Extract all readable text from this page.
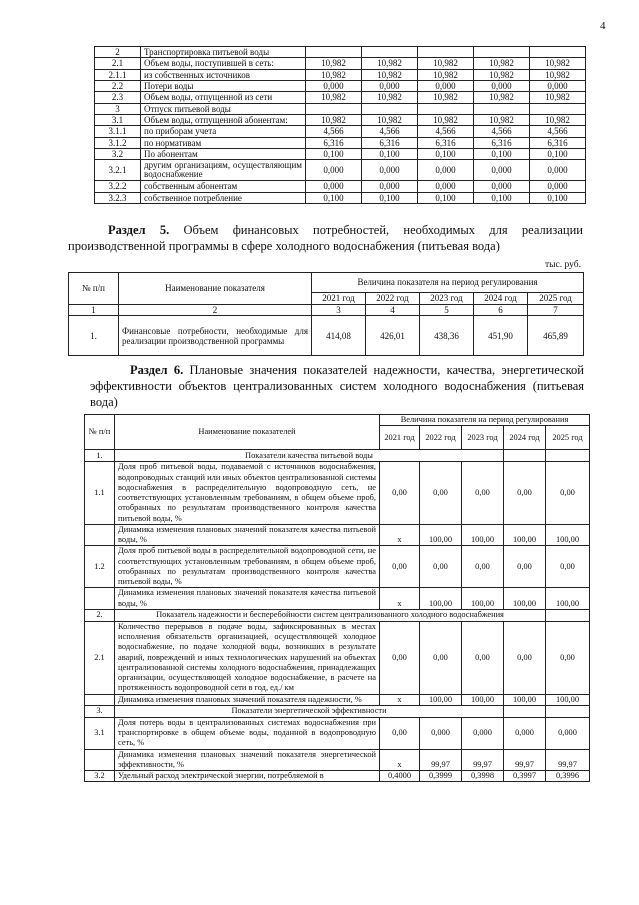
4
2	Транспортировка питьевой воды					
2.1	Объем воды, поступившей в сеть:	10,982	10,982	10,982	10,982	10,982
2.1.1	из собственных источников	10,982	10,982	10,982	10,982	10,982
2.2	Потери воды	0,000	0,000	0,000	0,000	0,000
2.3	Объем воды, отпущенной из сети	10,982	10,982	10,982	10,982	10,982
3	Отпуск питьевой воды					
3.1	Объем воды, отпущенной абонентам:	10,982	10,982	10,982	10,982	10,982
3.1.1	по приборам учета	4,566	4,566	4,566	4,566	4,566
3.1.2	по нормативам	6,316	6,316	6,316	6,316	6,316
3.2	По абонентам	0,100	0,100	0,100	0,100	0,100
3.2.1	другим организациям, осуществляющим водоснабжение	0,000	0,000	0,000	0,000	0,000
3.2.2	собственным абонентам	0,000	0,000	0,000	0,000	0,000
3.2.3	собственное потребление	0,100	0,100	0,100	0,100	0,100
Раздел 5. Объем финансовых потребностей, необходимых для реализации производственной программы в сфере холодного водоснабжения (питьевая вода)
тыс. руб.
№ п/п	Наименование показателя	Величина показателя на период регулирования				
		2021 год	2022 год	2023 год	2024 год	2025 год
1	2	3	4	5	6	7
1.	Финансовые потребности, необходимые для реализации производственной программы	414,08	426,01	438,36	451,90	465,89
Раздел 6. Плановые значения показателей надежности, качества, энергетической эффективности объектов централизованных систем холодного водоснабжения (питьевая вода)
№ п/п	Наименование показателей	Величина показателя на период регулирования				
		2021 год	2022 год	2023 год	2024 год	2025 год
1.	Показатели качества питьевой воды					
1.1	Доля проб питьевой воды, подаваемой с источников водоснабжения, водопроводных станций или иных объектов централизованной системы водоснабжения в распределительную водопроводную сеть, не соответствующих установленным требованиям, в общем объеме проб, отобранных по результатам производственного контроля качества питьевой воды, %	0,00	0,00	0,00	0,00	0,00
	Динамика изменения плановых значений показателя качества питьевой воды, %	х	100,00	100,00	100,00	100,00
1.2	Доля проб питьевой воды в распределительной водопроводной сети, не соответствующих установленным требованиям, в общем объеме проб, отобранных по результатам производственного контроля качества питьевой воды, %	0,00	0,00	0,00	0,00	0,00
	Динамика изменения плановых значений показателя качества питьевой воды, %	х	100,00	100,00	100,00	100,00
2.	Показатель надежности и бесперебойности систем централизованного холодного водоснабжения					
2.1	Количество перерывов в подаче воды, зафиксированных в местах исполнения обязательств организацией, осуществляющей холодное водоснабжение, по подаче холодной воды, возникших в результате аварий, повреждений и иных технологических нарушений на объектах централизованной системы холодного водоснабжения, принадлежащих организации, осуществляющей холодное водоснабжение, в расчете на протяженность водопроводной сети в год, ед./ км	0,00	0,00	0,00	0,00	0,00
	Динамика изменения плановых значений показателя надежности, %	х	100,00	100,00	100,00	100,00
3.	Показатели энергетической эффективности					
3.1	Доля потерь воды в централизованных системах водоснабжения при транспортировке в общем объеме воды, поданной в водопроводную сеть, %	0,00	0,000	0,000	0,000	0,000
	Динамика изменения плановых значений показателя энергетической эффективности, %	х	99,97	99,97	99,97	99,97
3.2	Удельный расход электрической энергии, потребляемой в	0,4000	0,3999	0,3998	0,3997	0,3996
